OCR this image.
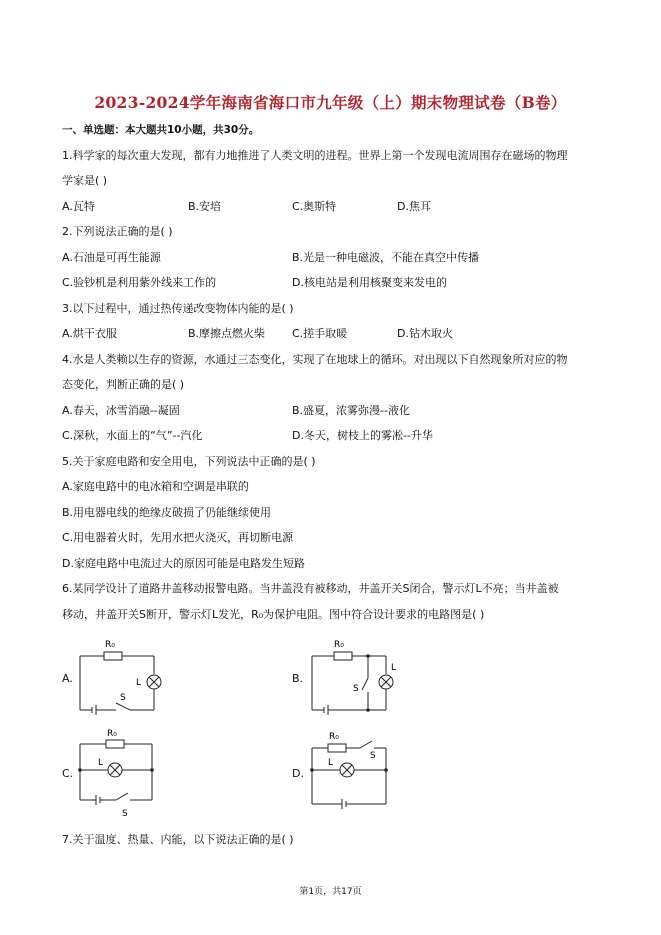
2023-2024学年海南省海口市九年级（上）期末物理试卷（B卷）
一、单选题：本大题共10小题，共30分。
1.科学家的每次重大发现，都有力地推进了人类文明的进程。世界上第一个发现电流周围存在磁场的物理
学家是( )
A.瓦特	B.安培	C.奥斯特	D.焦耳
2.下列说法正确的是( )
A.石油是可再生能源	B.光是一种电磁波，不能在真空中传播
C.验钞机是利用紫外线来工作的	D.核电站是利用核聚变来发电的
3.以下过程中，通过热传递改变物体内能的是( )
A.烘干衣服	B.摩擦点燃火柴 C.搓手取暖	D.钻木取火
4.水是人类赖以生存的资源，水通过三态变化，实现了在地球上的循环。对出现以下自然现象所对应的物
态变化，判断正确的是( )
A.春天，冰雪消融--凝固	B.盛夏，浓雾弥漫--液化
C.深秋，水面上的“气”--汽化	D.冬天，树枝上的雾凇--升华
5.关于家庭电路和安全用电，下列说法中正确的是( )
A.家庭电路中的电冰箱和空调是串联的
B.用电器电线的绝缘皮破损了仍能继续使用
C.用电器着火时，先用水把火浇灭，再切断电源
D.家庭电路中电流过大的原因可能是电路发生短路
6.某同学设计了道路井盖移动报警电路。当井盖没有被移动，井盖开关S闭合，警示灯L不亮；当井盖被
移动，井盖开关S断开，警示灯L发光，R₀为保护电阻。图中符合设计要求的电路图是( )
A.
R₀
L
S
B.
R₀
L
S
C.
R₀
L
S
D.
R₀
L
S
7.关于温度、热量、内能，以下说法正确的是( )
第1页，共17页
